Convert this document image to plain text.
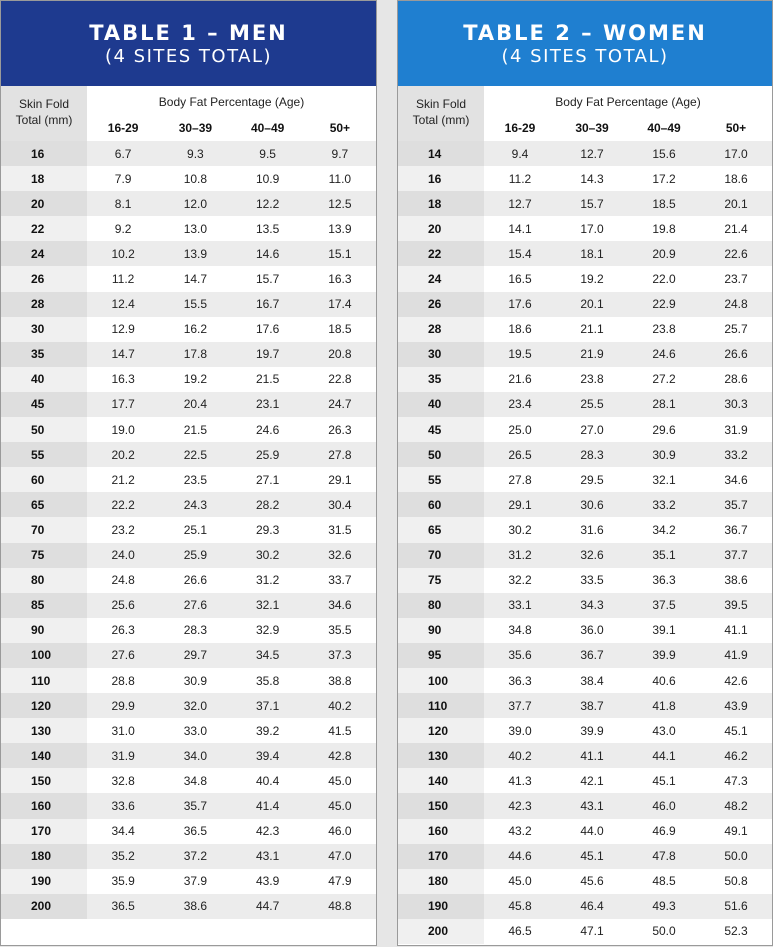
TABLE 1 – MEN
(4 SITES TOTAL)
Skin Fold
Total (mm)
Body Fat Percentage (Age)
16-29	30–39	40–49	50+
16	6.7	9.3	9.5	9.7
18	7.9	10.8	10.9	11.0
20	8.1	12.0	12.2	12.5
22	9.2	13.0	13.5	13.9
24	10.2	13.9	14.6	15.1
26	11.2	14.7	15.7	16.3
28	12.4	15.5	16.7	17.4
30	12.9	16.2	17.6	18.5
35	14.7	17.8	19.7	20.8
40	16.3	19.2	21.5	22.8
45	17.7	20.4	23.1	24.7
50	19.0	21.5	24.6	26.3
55	20.2	22.5	25.9	27.8
60	21.2	23.5	27.1	29.1
65	22.2	24.3	28.2	30.4
70	23.2	25.1	29.3	31.5
75	24.0	25.9	30.2	32.6
80	24.8	26.6	31.2	33.7
85	25.6	27.6	32.1	34.6
90	26.3	28.3	32.9	35.5
100	27.6	29.7	34.5	37.3
110	28.8	30.9	35.8	38.8
120	29.9	32.0	37.1	40.2
130	31.0	33.0	39.2	41.5
140	31.9	34.0	39.4	42.8
150	32.8	34.8	40.4	45.0
160	33.6	35.7	41.4	45.0
170	34.4	36.5	42.3	46.0
180	35.2	37.2	43.1	47.0
190	35.9	37.9	43.9	47.9
200	36.5	38.6	44.7	48.8
TABLE 2 – WOMEN
(4 SITES TOTAL)
Skin Fold
Total (mm)
Body Fat Percentage (Age)
16-29	30–39	40–49	50+
14	9.4	12.7	15.6	17.0
16	11.2	14.3	17.2	18.6
18	12.7	15.7	18.5	20.1
20	14.1	17.0	19.8	21.4
22	15.4	18.1	20.9	22.6
24	16.5	19.2	22.0	23.7
26	17.6	20.1	22.9	24.8
28	18.6	21.1	23.8	25.7
30	19.5	21.9	24.6	26.6
35	21.6	23.8	27.2	28.6
40	23.4	25.5	28.1	30.3
45	25.0	27.0	29.6	31.9
50	26.5	28.3	30.9	33.2
55	27.8	29.5	32.1	34.6
60	29.1	30.6	33.2	35.7
65	30.2	31.6	34.2	36.7
70	31.2	32.6	35.1	37.7
75	32.2	33.5	36.3	38.6
80	33.1	34.3	37.5	39.5
90	34.8	36.0	39.1	41.1
95	35.6	36.7	39.9	41.9
100	36.3	38.4	40.6	42.6
110	37.7	38.7	41.8	43.9
120	39.0	39.9	43.0	45.1
130	40.2	41.1	44.1	46.2
140	41.3	42.1	45.1	47.3
150	42.3	43.1	46.0	48.2
160	43.2	44.0	46.9	49.1
170	44.6	45.1	47.8	50.0
180	45.0	45.6	48.5	50.8
190	45.8	46.4	49.3	51.6
200	46.5	47.1	50.0	52.3
